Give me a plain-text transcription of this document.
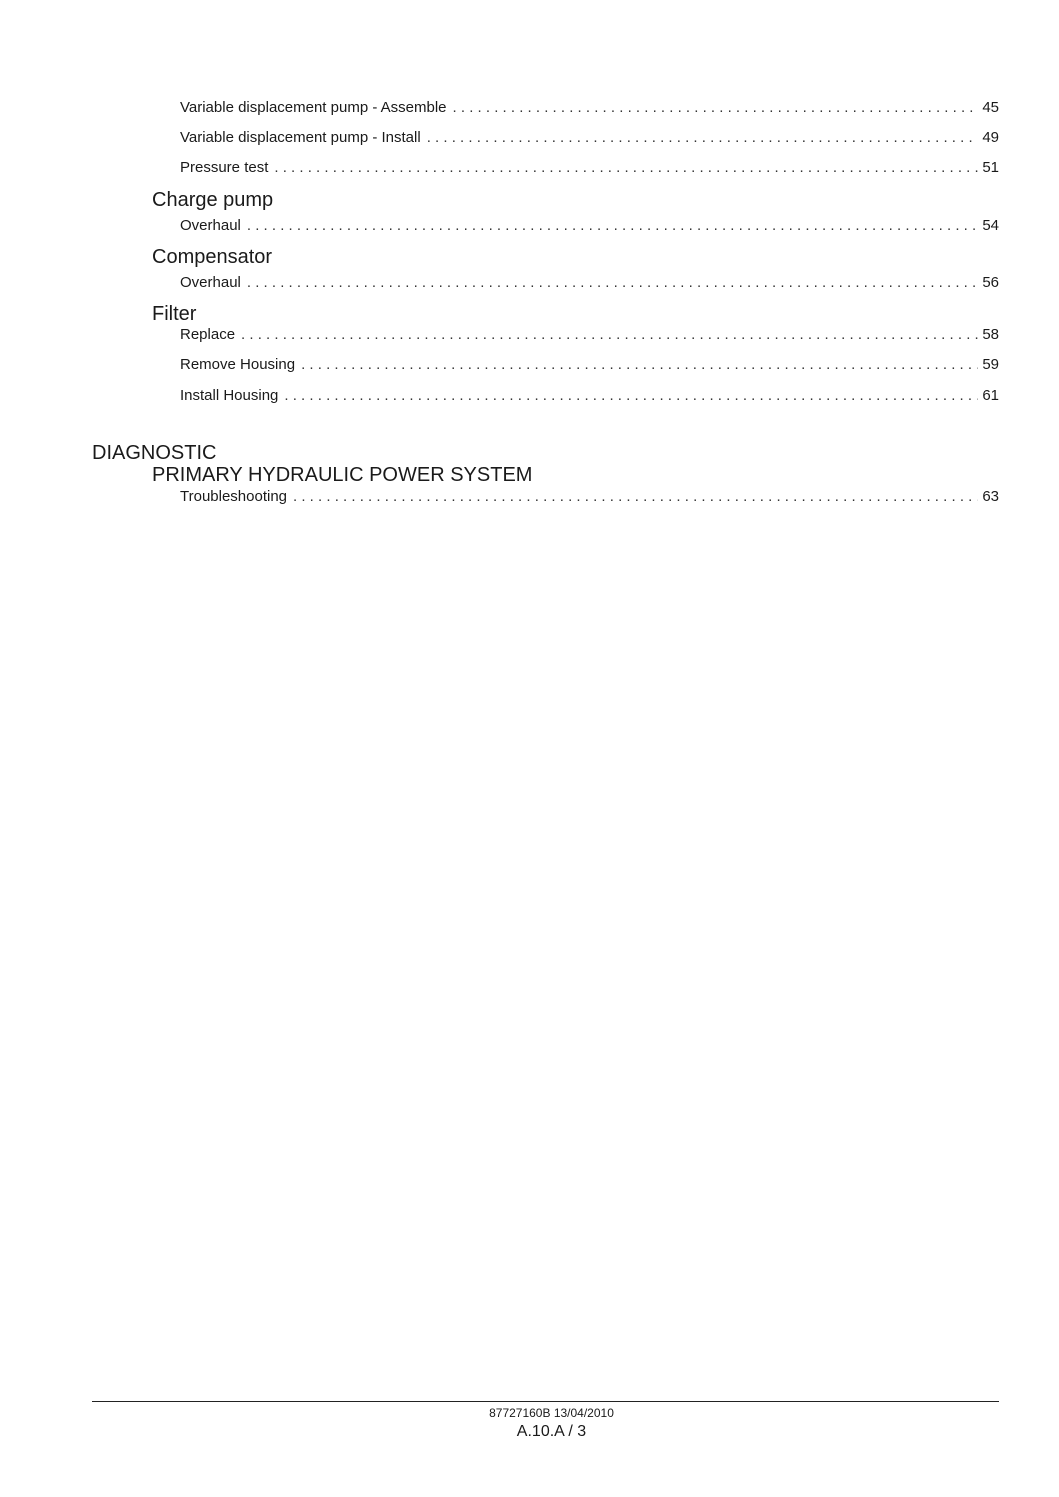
Variable displacement pump - Assemble . . .	45
Variable displacement pump - Install . . .	49
Pressure test . . .	51
Charge pump
Overhaul . . .	54
Compensator
Overhaul . . .	56
Filter
Replace . . .	58
Remove Housing . . .	59
Install Housing . . .	61
DIAGNOSTIC
PRIMARY HYDRAULIC POWER SYSTEM
Troubleshooting . . .	63
87727160B 13/04/2010
A.10.A / 3
